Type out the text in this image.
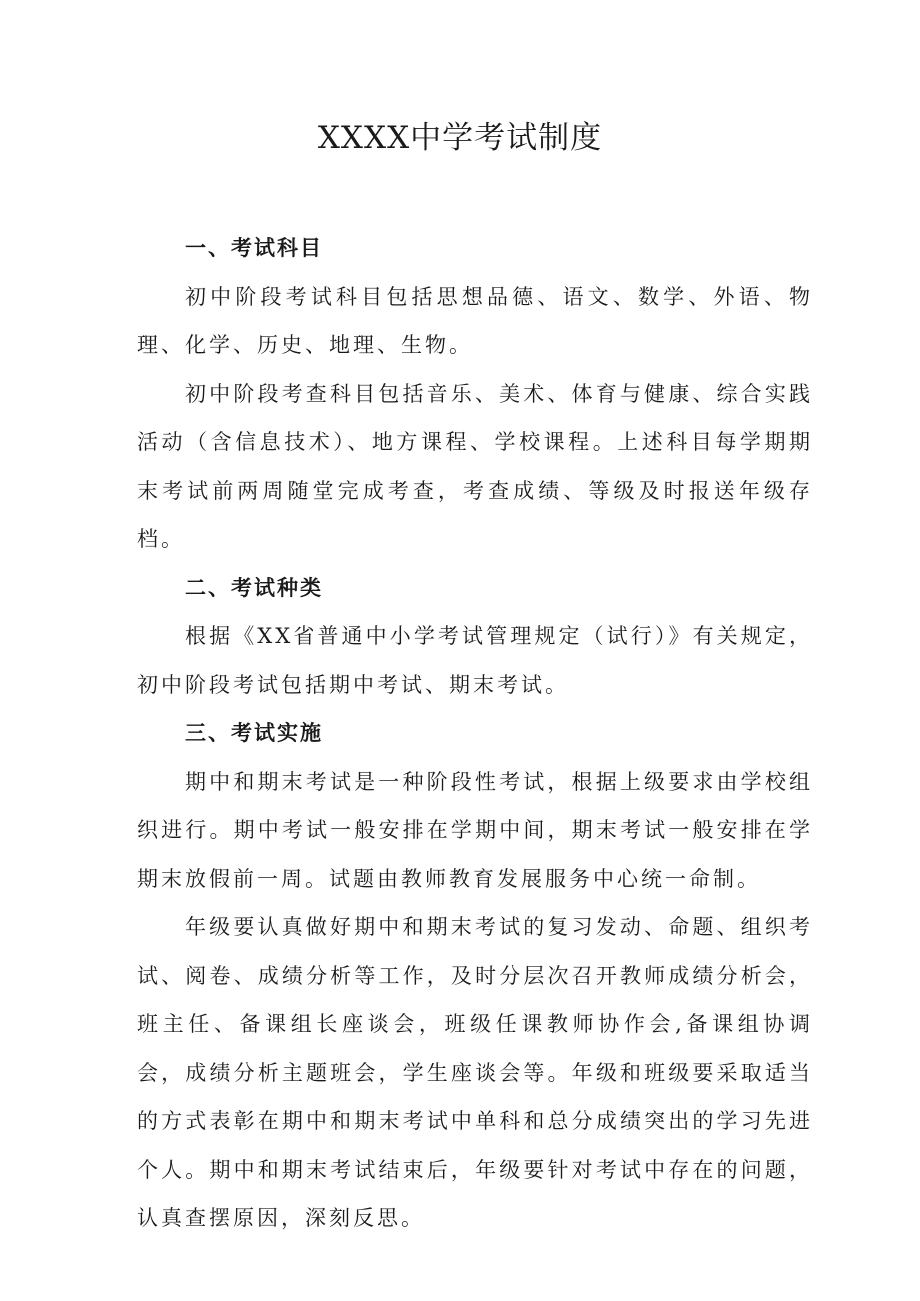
XXXX中学考试制度

一、考试科目

初中阶段考试科目包括思想品德、语文、数学、外语、物理、化学、历史、地理、生物。

初中阶段考查科目包括音乐、美术、体育与健康、综合实践活动（含信息技术）、地方课程、学校课程。上述科目每学期期末考试前两周随堂完成考查，考查成绩、等级及时报送年级存档。

二、考试种类

根据《XX省普通中小学考试管理规定（试行）》有关规定，初中阶段考试包括期中考试、期末考试。

三、考试实施

期中和期末考试是一种阶段性考试，根据上级要求由学校组织进行。期中考试一般安排在学期中间，期末考试一般安排在学期末放假前一周。试题由教师教育发展服务中心统一命制。

年级要认真做好期中和期末考试的复习发动、命题、组织考试、阅卷、成绩分析等工作，及时分层次召开教师成绩分析会，班主任、备课组长座谈会，班级任课教师协作会,备课组协调会，成绩分析主题班会，学生座谈会等。年级和班级要采取适当的方式表彰在期中和期末考试中单科和总分成绩突出的学习先进个人。期中和期末考试结束后，年级要针对考试中存在的问题，认真查摆原因，深刻反思。
